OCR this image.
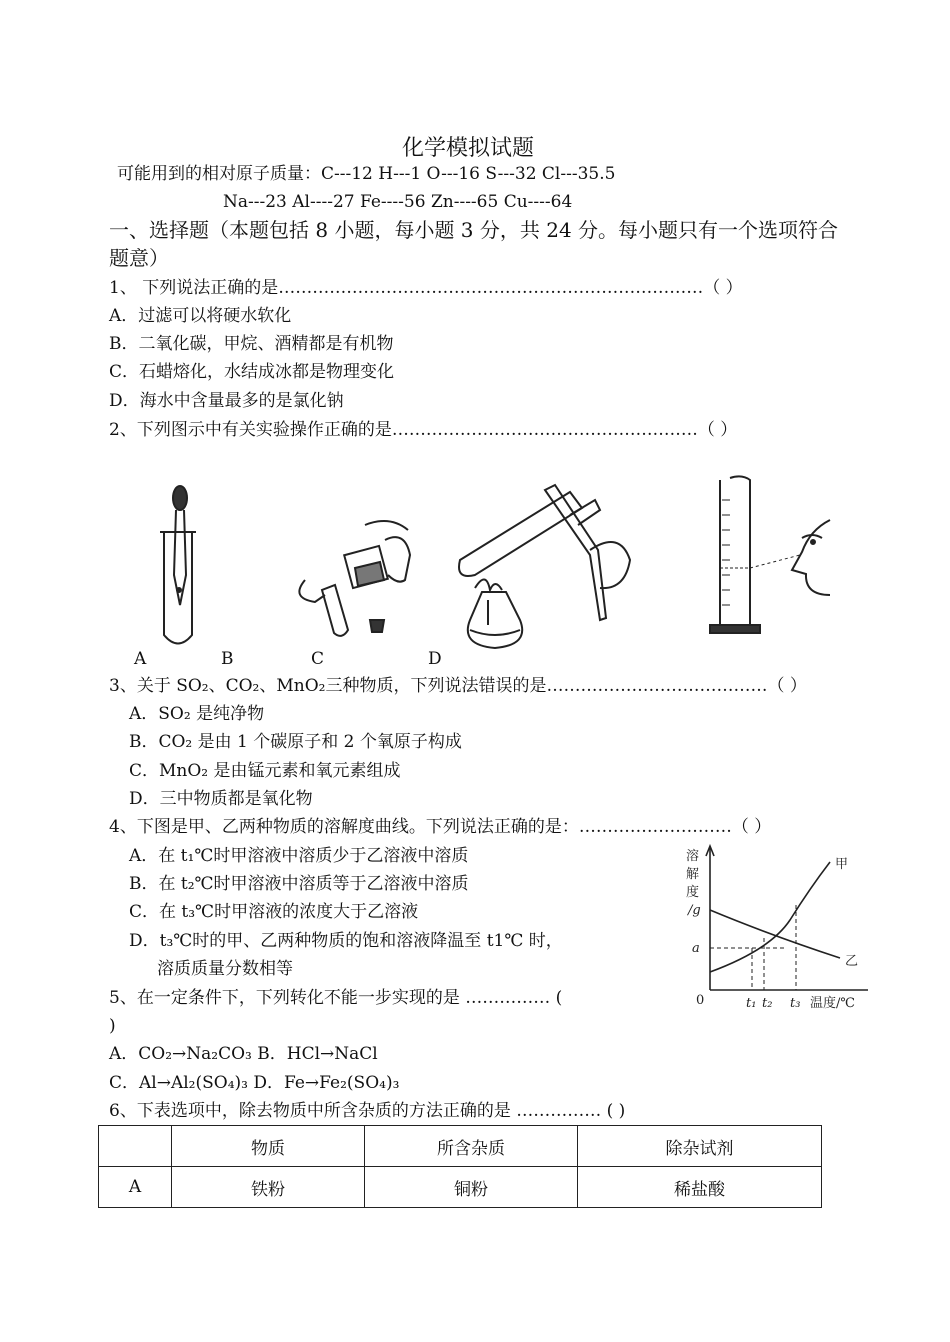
化学模拟试题
可能用到的相对原子质量：C---12 H---1 O---16 S---32 Cl---35.5
Na---23 Al----27 Fe----56 Zn----65 Cu----64
一、选择题（本题包括 8 小题，每小题 3 分，共 24 分。每小题只有一个选项符合
题意）
1、 下列说法正确的是…………………………………………………………………（ ）
A．过滤可以将硬水软化
B．二氧化碳，甲烷、酒精都是有机物
C．石蜡熔化，水结成冰都是物理变化
D．海水中含量最多的是氯化钠
2、下列图示中有关实验操作正确的是………………………………………………（ ）
A	B	C	D
3、关于 SO₂、CO₂、MnO₂三种物质，下列说法错误的是…………………………………（ ）
A．SO₂ 是纯净物
B．CO₂ 是由 1 个碳原子和 2 个氧原子构成
C．MnO₂ 是由锰元素和氧元素组成
D．三中物质都是氧化物
4、下图是甲、乙两种物质的溶解度曲线。下列说法正确的是：………………………（ ）
A．在 t₁℃时甲溶液中溶质少于乙溶液中溶质
B．在 t₂℃时甲溶液中溶质等于乙溶液中溶质
C．在 t₃℃时甲溶液的浓度大于乙溶液
D．t₃℃时的甲、乙两种物质的饱和溶液降温至 t1℃ 时，
溶质质量分数相等
溶
解
度
/g
a
0	t₁ t₂ t₃ 温度/℃
甲
乙
5、在一定条件下，下列转化不能一步实现的是 …………… (
)
A．CO₂→Na₂CO₃ B．HCl→NaCl
C．Al→Al₂(SO₄)₃ D．Fe→Fe₂(SO₄)₃
6、下表选项中，除去物质中所含杂质的方法正确的是 …………… ( )
	物质	所含杂质	除杂试剂
A	铁粉	铜粉	稀盐酸
